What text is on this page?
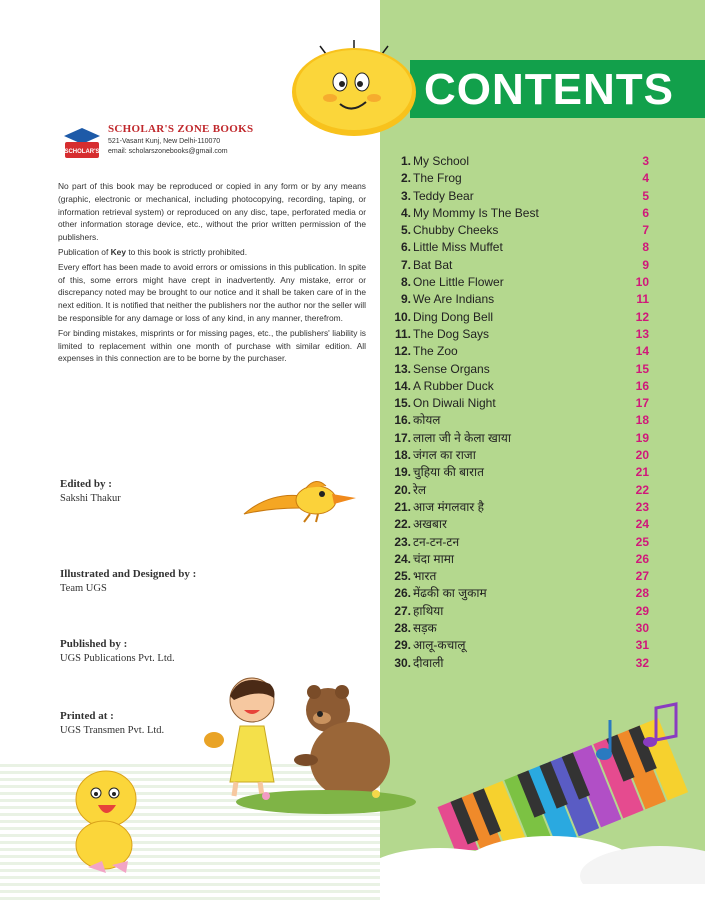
CONTENTS
SCHOLAR'S
SCHOLAR'S ZONE BOOKS
521-Vasant Kunj, New Delhi-110070
email: scholarszonebooks@gmail.com

No part of this book may be reproduced or copied in any form or by any means (graphic, electronic or mechanical, including photocopying, recording, taping, or information retrieval system) or reproduced on any disc, tape, perforated media or other information storage device, etc., without the prior written permission of the publishers.

Publication of Key to this book is strictly prohibited.

Every effort has been made to avoid errors or omissions in this publication. In spite of this, some errors might have crept in inadvertently. Any mistake, error or discrepancy noted may be brought to our notice and it shall be taken care of in the next edition. It is notified that neither the publishers nor the author nor the seller will be responsible for any damage or loss of any kind, in any manner, therefrom.

For binding mistakes, misprints or for missing pages, etc., the publishers' liability is limited to replacement within one month of purchase with similar edition. All expenses in this connection are to be borne by the purchaser.

Edited by :
Sakshi Thakur
Illustrated and Designed by :
Team UGS
Published by :
UGS Publications Pvt. Ltd.
Printed at :
UGS Transmen Pvt. Ltd.
1. My School	3
2. The Frog	4
3. Teddy Bear	5
4. My Mommy Is The Best	6
5. Chubby Cheeks	7
6. Little Miss Muffet	8
7. Bat Bat	9
8. One Little Flower	10
9. We Are Indians	11
10. Ding Dong Bell	12
11. The Dog Says	13
12. The Zoo	14
13. Sense Organs	15
14. A Rubber Duck	16
15. On Diwali Night	17
16. कोयल	18
17. लाला जी ने केला खाया	19
18. जंगल का राजा	20
19. चुहिया की बारात	21
20. रेल	22
21. आज मंगलवार है	23
22. अखबार	24
23. टन-टन-टन	25
24. चंदा मामा	26
25. भारत	27
26. मेंढकी का जुकाम	28
27. हाथिया	29
28. सड़क	30
29. आलू-कचालू	31
30. दीवाली	32
